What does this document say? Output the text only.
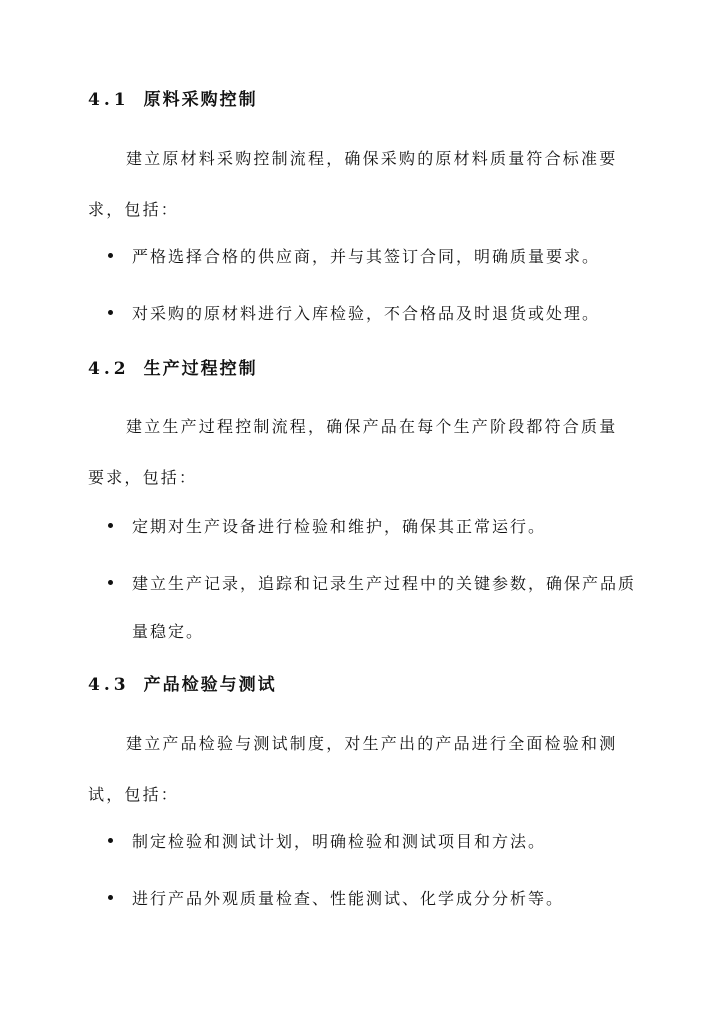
4.1 原料采购控制

建立原材料采购控制流程，确保采购的原材料质量符合标准要求，包括：

严格选择合格的供应商，并与其签订合同，明确质量要求。
对采购的原材料进行入库检验，不合格品及时退货或处理。
4.2 生产过程控制

建立生产过程控制流程，确保产品在每个生产阶段都符合质量要求，包括：

定期对生产设备进行检验和维护，确保其正常运行。
建立生产记录，追踪和记录生产过程中的关键参数，确保产品质量稳定。
4.3 产品检验与测试

建立产品检验与测试制度，对生产出的产品进行全面检验和测试，包括：

制定检验和测试计划，明确检验和测试项目和方法。
进行产品外观质量检查、性能测试、化学成分分析等。
